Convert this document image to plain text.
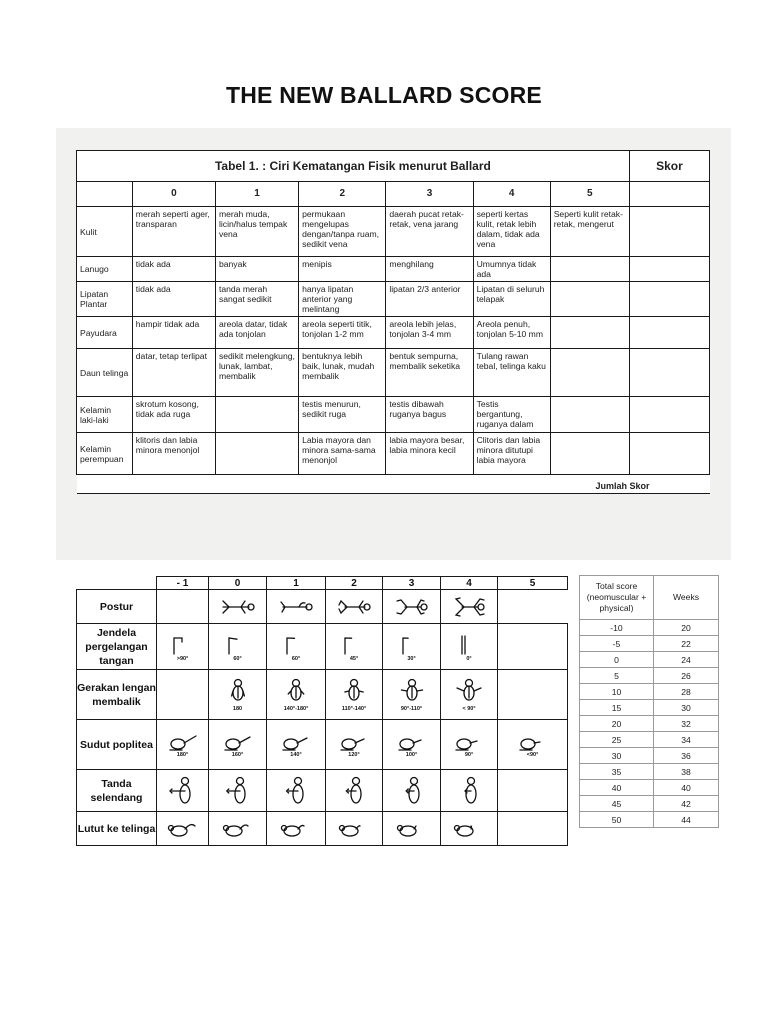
THE NEW BALLARD SCORE
Tabel 1. : Ciri Kematangan Fisik menurut Ballard							Skor
	0	1	2	3	4	5	
Kulit	merah seperti ager, transparan	merah muda, licin/halus tempak vena	permukaan mengelupas dengan/tanpa ruam, sedikit vena	daerah pucat retak-retak, vena jarang	seperti kertas kulit, retak lebih dalam, tidak ada vena	Seperti kulit retak-retak, mengerut	
Lanugo	tidak ada	banyak	menipis	menghilang	Umumnya tidak ada		
Lipatan Plantar	tidak ada	tanda merah sangat sedikit	hanya lipatan anterior yang melintang	lipatan 2/3 anterior	Lipatan di seluruh telapak		
Payudara	hampir tidak ada	areola datar, tidak ada tonjolan	areola seperti titik, tonjolan 1-2 mm	areola lebih jelas, tonjolan 3-4 mm	Areola penuh, tonjolan 5-10 mm		
Daun telinga	datar, tetap terlipat	sedikit melengkung, lunak, lambat, membalik	bentuknya lebih baik, lunak, mudah membalik	bentuk sempurna, membalik seketika	Tulang rawan tebal, telinga kaku		
Kelamin laki-laki	skrotum kosong, tidak ada ruga		testis menurun, sedikit ruga	testis dibawah ruganya bagus	Testis bergantung, ruganya dalam		
Kelamin perempuan	klitoris dan labia minora menonjol		Labia mayora dan minora sama-sama menonjol	labia mayora besar, labia minora kecil	Clitoris dan labia minora ditutupi labia mayora		
Jumlah Skor							
	- 1	0	1	2	3	4	5
Postur		

Jendela pergelangan tangan	>90°	60°	60°	45°	30°	0°	

Gerakan lengan membalik		180	140°-180°	110°-140°	90°-110°	< 90°	

Sudut poplitea	180°	160°	140°	120°	100°	90°	<90°

Tanda selendang	

Lutut ke telinga	

Total score (neomuscular + physical)	Weeks
-10	20
-5	22
0	24
5	26
10	28
15	30
20	32
25	34
30	36
35	38
40	40
45	42
50	44
